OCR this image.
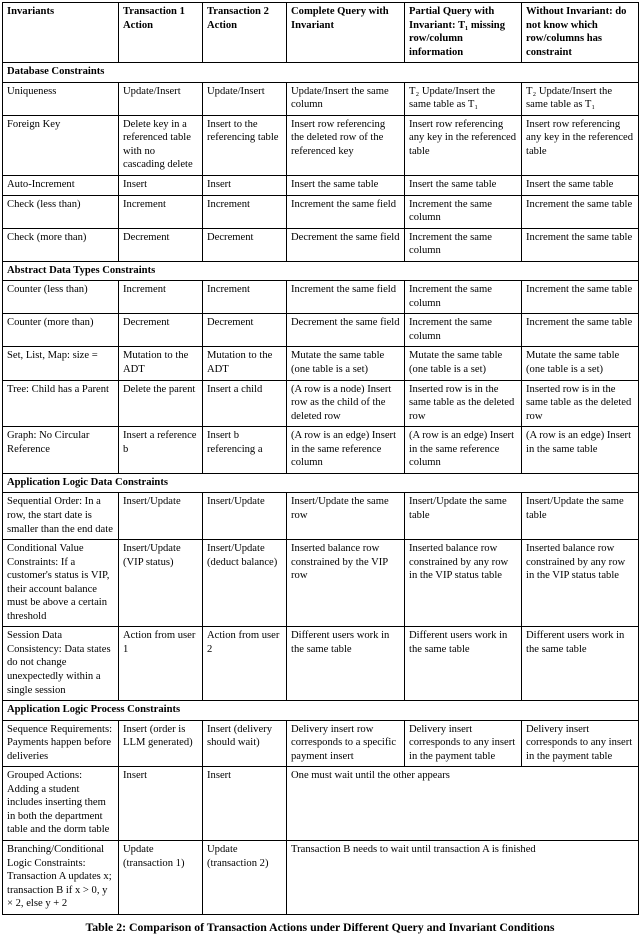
Invariants	Transaction 1 Action	Transaction 2 Action	Complete Query with Invariant	Partial Query with Invariant: T₁ missing row/column information	Without Invariant: do not know which row/columns has constraint
Database Constraints					
Uniqueness	Update/Insert	Update/Insert	Update/Insert the same column	T₂ Update/Insert the same table as T₁	T₂ Update/Insert the same table as T₁
Foreign Key	Delete key in a referenced table with no cascading delete	Insert to the referencing table	Insert row referencing the deleted row of the referenced key	Insert row referencing any key in the referenced table	Insert row referencing any key in the referenced table
Auto-Increment	Insert	Insert	Insert the same table	Insert the same table	Insert the same table
Check (less than)	Increment	Increment	Increment the same field	Increment the same column	Increment the same table
Check (more than)	Decrement	Decrement	Decrement the same field	Increment the same column	Increment the same table
Abstract Data Types Constraints					
Counter (less than)	Increment	Increment	Increment the same field	Increment the same column	Increment the same table
Counter (more than)	Decrement	Decrement	Decrement the same field	Increment the same column	Increment the same table
Set, List, Map: size =	Mutation to the ADT	Mutation to the ADT	Mutate the same table (one table is a set)	Mutate the same table (one table is a set)	Mutate the same table (one table is a set)
Tree: Child has a Parent	Delete the parent	Insert a child	(A row is a node) Insert row as the child of the deleted row	Inserted row is in the same table as the deleted row	Inserted row is in the same table as the deleted row
Graph: No Circular Reference	Insert a reference b	Insert b referencing a	(A row is an edge) Insert in the same reference column	(A row is an edge) Insert in the same reference column	(A row is an edge) Insert in the same table
Application Logic Data Constraints					
Sequential Order: In a row, the start date is smaller than the end date	Insert/Update	Insert/Update	Insert/Update the same row	Insert/Update the same table	Insert/Update the same table
Conditional Value Constraints: If a customer's status is VIP, their account balance must be above a certain threshold	Insert/Update (VIP status)	Insert/Update (deduct balance)	Inserted balance row constrained by the VIP row	Inserted balance row constrained by any row in the VIP status table	Inserted balance row constrained by any row in the VIP status table
Session Data Consistency: Data states do not change unexpectedly within a single session	Action from user 1	Action from user 2	Different users work in the same table	Different users work in the same table	Different users work in the same table
Application Logic Process Constraints					
Sequence Requirements: Payments happen before deliveries	Insert (order is LLM generated)	Insert (delivery should wait)	Delivery insert row corresponds to a specific payment insert	Delivery insert corresponds to any insert in the payment table	Delivery insert corresponds to any insert in the payment table
Grouped Actions: Adding a student includes inserting them in both the department table and the dorm table	Insert	Insert	One must wait until the other appears		
Branching/Conditional Logic Constraints: Transaction A updates x; transaction B if x > 0, y × 2, else y + 2	Update (transaction 1)	Update (transaction 2)	Transaction B needs to wait until transaction A is finished		
Table 2: Comparison of Transaction Actions under Different Query and Invariant Conditions
